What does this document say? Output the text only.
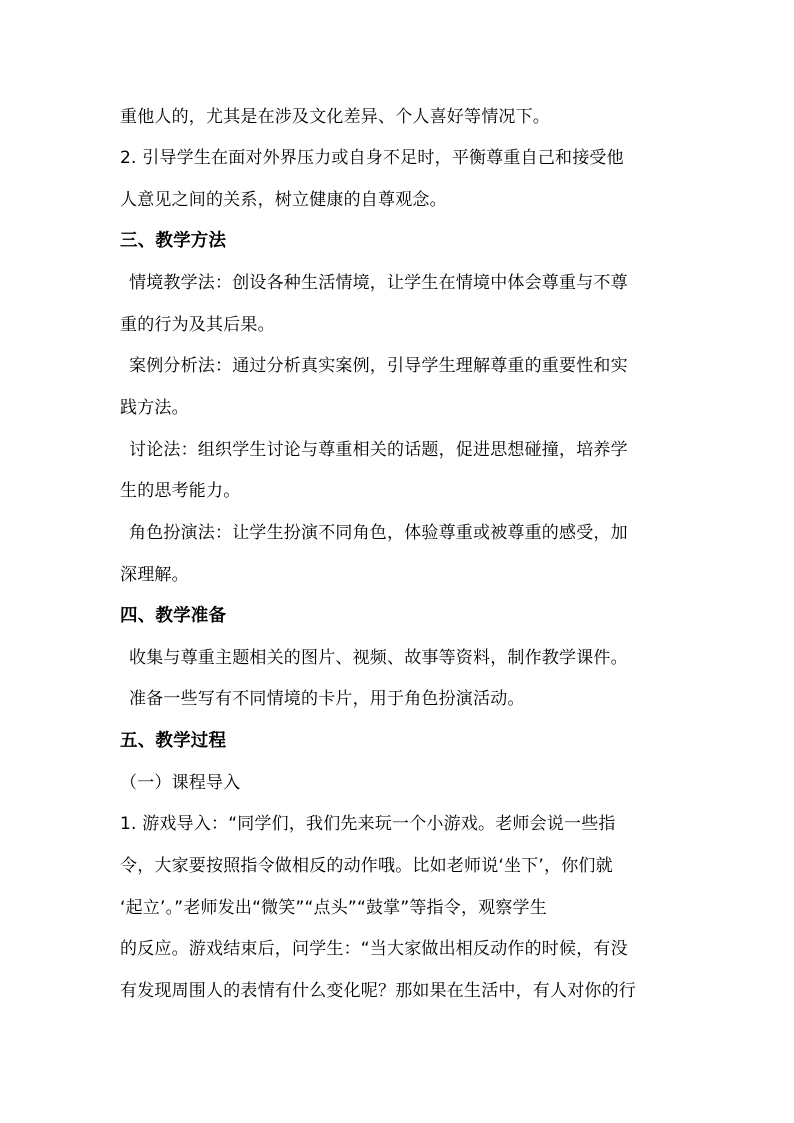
重他人的，尤其是在涉及文化差异、个人喜好等情况下。
2. 引导学生在面对外界压力或自身不足时，平衡尊重自己和接受他
人意见之间的关系，树立健康的自尊观念。
三、教学方法
情境教学法：创设各种生活情境，让学生在情境中体会尊重与不尊
重的行为及其后果。
案例分析法：通过分析真实案例，引导学生理解尊重的重要性和实
践方法。
讨论法：组织学生讨论与尊重相关的话题，促进思想碰撞，培养学
生的思考能力。
角色扮演法：让学生扮演不同角色，体验尊重或被尊重的感受，加
深理解。
四、教学准备
收集与尊重主题相关的图片、视频、故事等资料，制作教学课件。
准备一些写有不同情境的卡片，用于角色扮演活动。
五、教学过程
（一）课程导入
1. 游戏导入：“同学们，我们先来玩一个小游戏。老师会说一些指
令，大家要按照指令做相反的动作哦。比如老师说‘坐下’，你们就
‘起立’。”老师发出“微笑”“点头”“鼓掌”等指令，观察学生
的反应。游戏结束后，问学生：“当大家做出相反动作的时候，有没
有发现周围人的表情有什么变化呢？那如果在生活中，有人对你的行
